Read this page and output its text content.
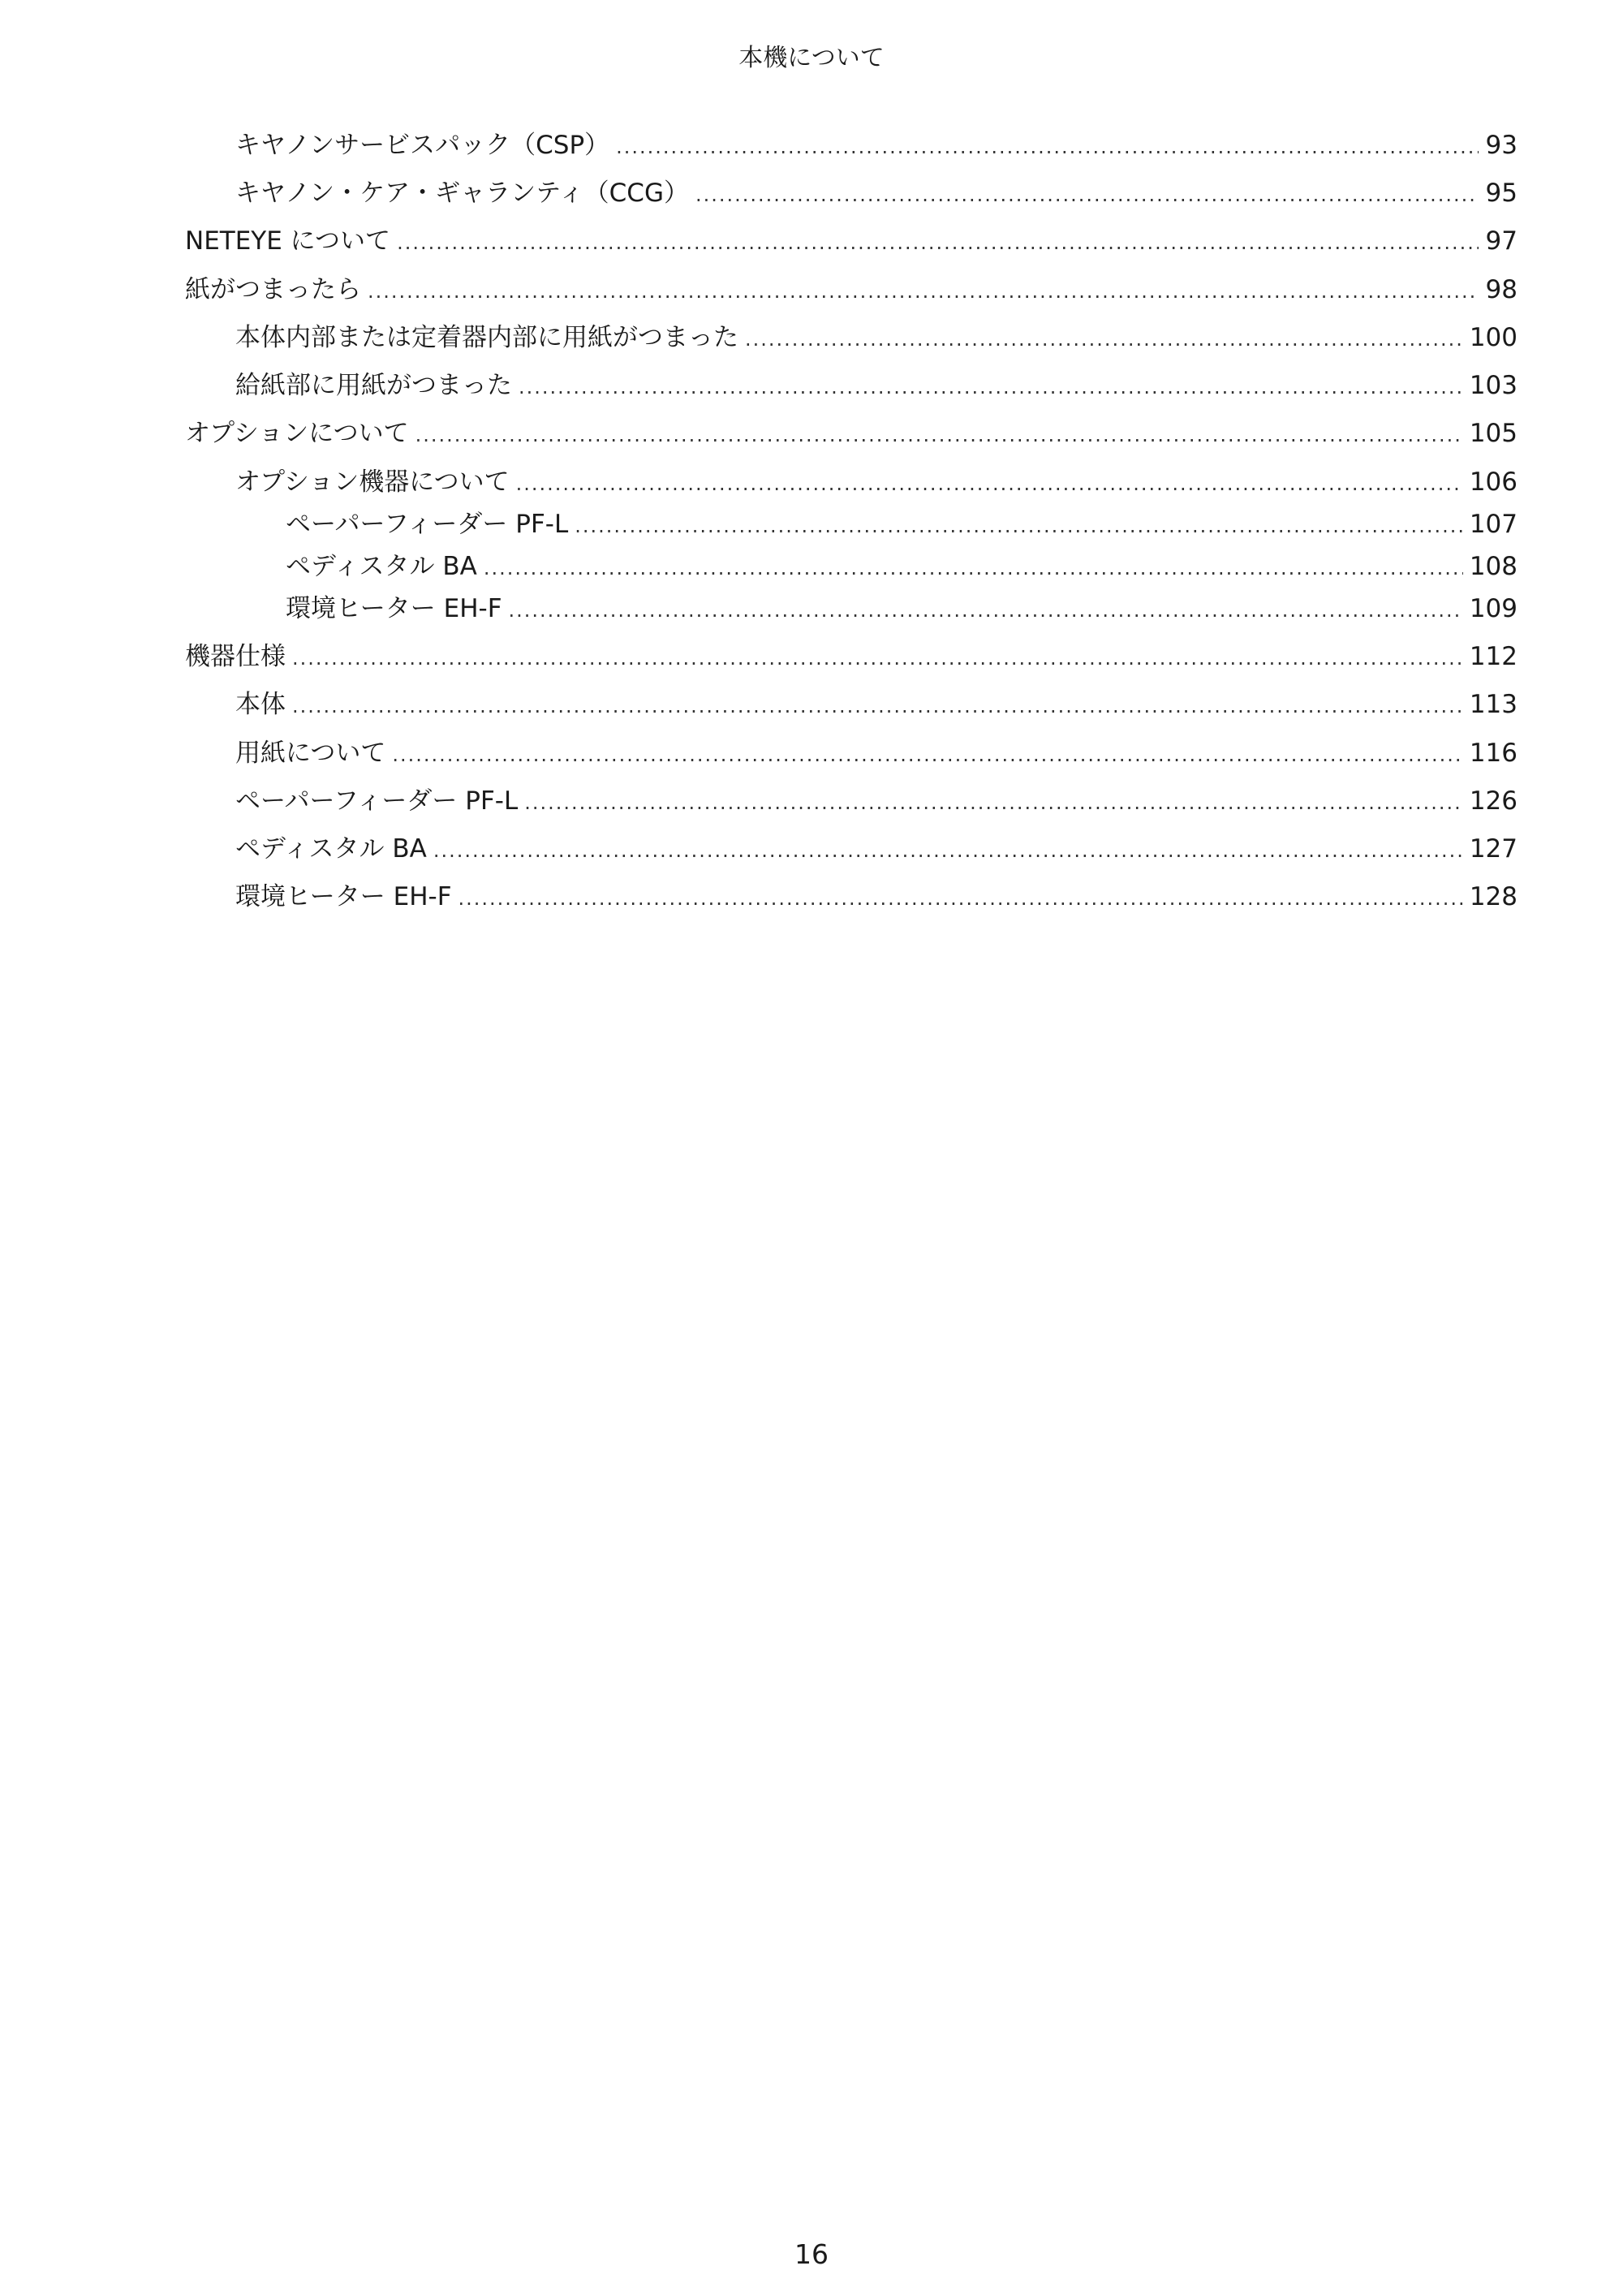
本機について
キヤノンサービスパック（CSP） .....	93
キヤノン・ケア・ギャランティ（CCG） .....	95
NETEYE について .....	97
紙がつまったら .....	98
本体内部または定着器内部に用紙がつまった .....	100
給紙部に用紙がつまった .....	103
オプションについて .....	105
オプション機器について .....	106
ペーパーフィーダー PF-L .....	107
ペディスタル BA .....	108
環境ヒーター EH-F .....	109
機器仕様 .....	112
本体 .....	113
用紙について .....	116
ペーパーフィーダー PF-L .....	126
ペディスタル BA .....	127
環境ヒーター EH-F .....	128
16
